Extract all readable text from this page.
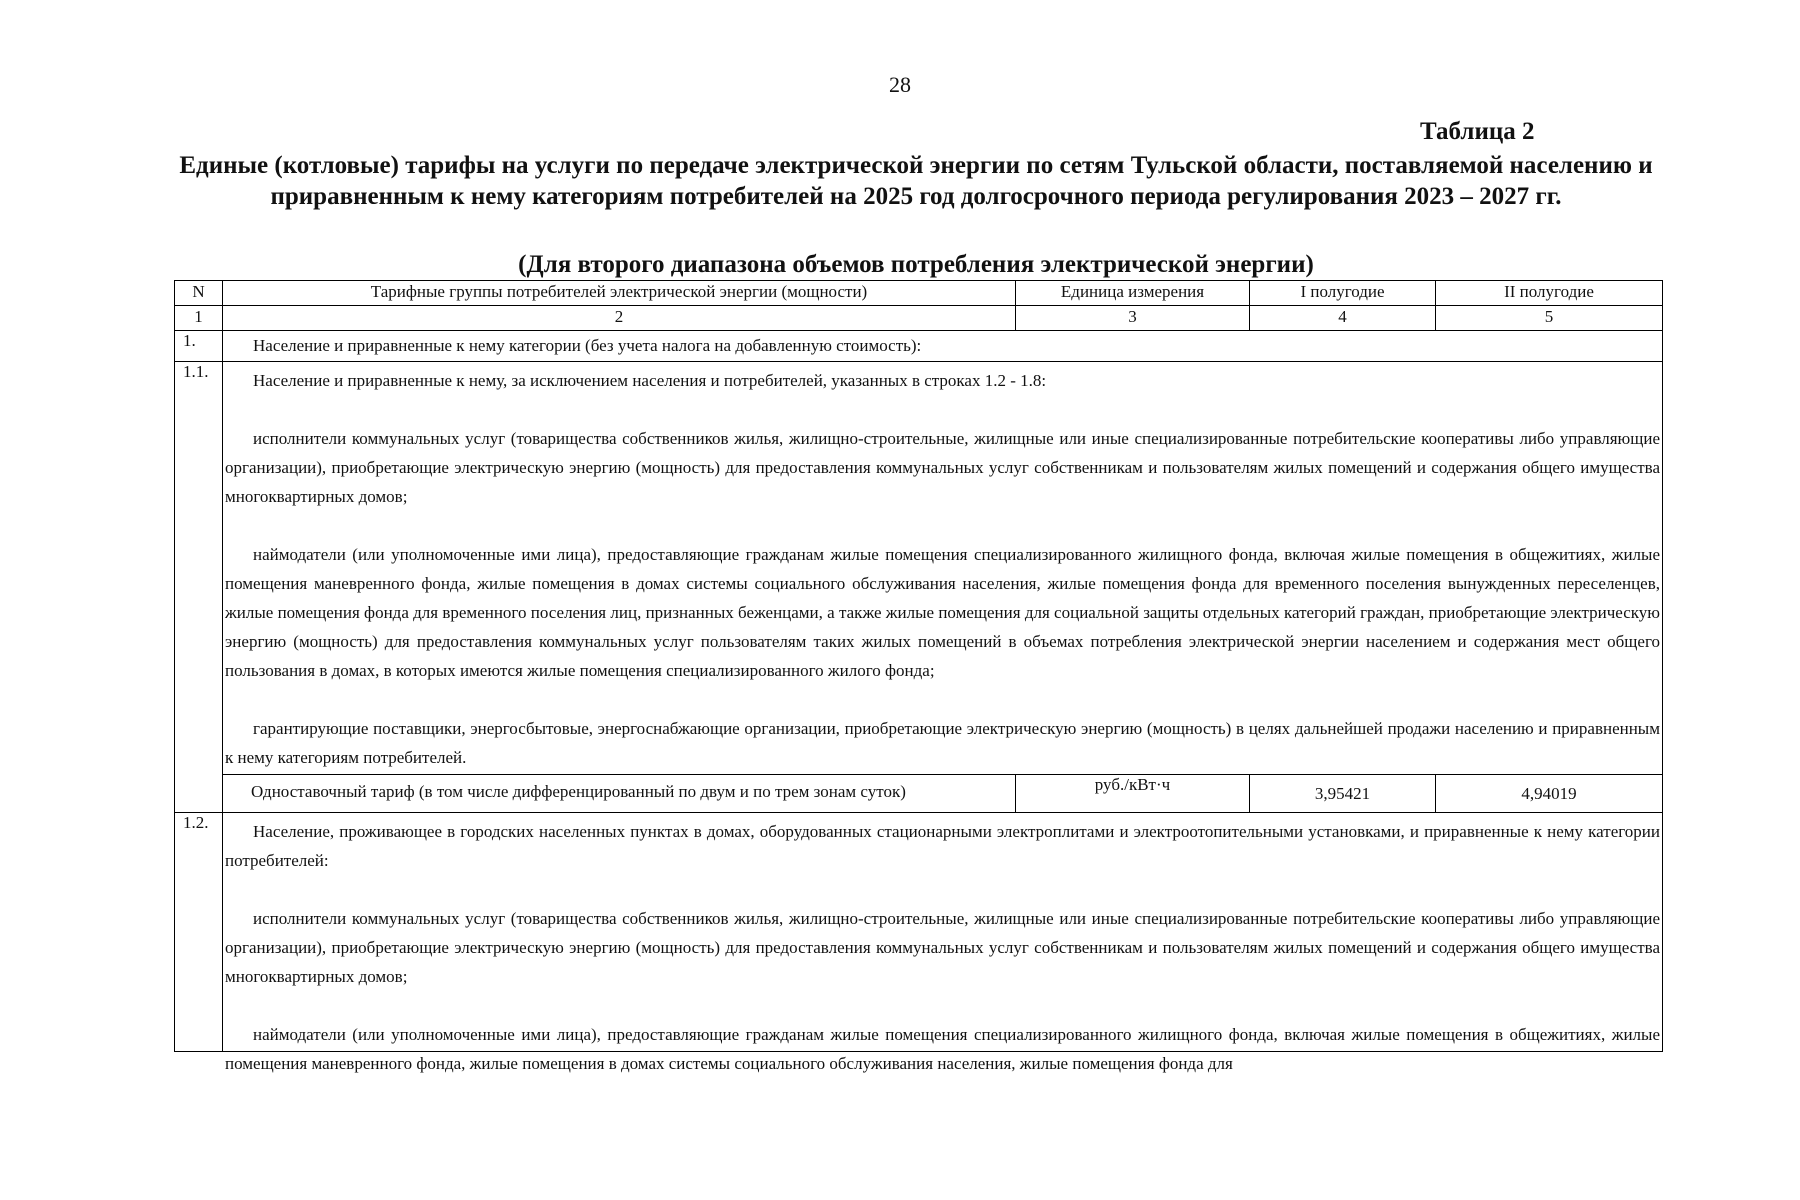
28
Таблица 2
Единые (котловые) тарифы на услуги по передаче электрической энергии по сетям Тульской области, поставляемой населению и приравненным к нему категориям потребителей на 2025 год долгосрочного периода регулирования 2023 – 2027 гг.
(Для второго диапазона объемов потребления электрической энергии)
N	Тарифные группы потребителей электрической энергии (мощности)	Единица измерения	I полугодие	II полугодие
1	2	3	4	5
1.	Население и приравненные к нему категории (без учета налога на добавленную стоимость):			
1.1.	Население и приравненные к нему, за исключением населения и потребителей, указанных в строках 1.2 - 1.8:

исполнители коммунальных услуг (товарищества собственников жилья, жилищно-строительные, жилищные или иные специализированные потребительские кооперативы либо управляющие организации), приобретающие электрическую энергию (мощность) для предоставления коммунальных услуг собственникам и пользователям жилых помещений и содержания общего имущества многоквартирных домов;

наймодатели (или уполномоченные ими лица), предоставляющие гражданам жилые помещения специализированного жилищного фонда, включая жилые помещения в общежитиях, жилые помещения маневренного фонда, жилые помещения в домах системы социального обслуживания населения, жилые помещения фонда для временного поселения вынужденных переселенцев, жилые помещения фонда для временного поселения лиц, признанных беженцами, а также жилые помещения для социальной защиты отдельных категорий граждан, приобретающие электрическую энергию (мощность) для предоставления коммунальных услуг пользователям таких жилых помещений в объемах потребления электрической энергии населением и содержания мест общего пользования в домах, в которых имеются жилые помещения специализированного жилого фонда;

гарантирующие поставщики, энергосбытовые, энергоснабжающие организации, приобретающие электрическую энергию (мощность) в целях дальнейшей продажи населению и приравненным к нему категориям потребителей.			

	Одноставочный тариф (в том числе дифференцированный по двум и по трем зонам суток)	руб./кВт·ч	3,95421	4,94019
1.2.	Население, проживающее в городских населенных пунктах в домах, оборудованных стационарными электроплитами и электроотопительными установками, и приравненные к нему категории потребителей:

исполнители коммунальных услуг (товарищества собственников жилья, жилищно-строительные, жилищные или иные специализированные потребительские кооперативы либо управляющие организации), приобретающие электрическую энергию (мощность) для предоставления коммунальных услуг собственникам и пользователям жилых помещений и содержания общего имущества многоквартирных домов;

наймодатели (или уполномоченные ими лица), предоставляющие гражданам жилые помещения специализированного жилищного фонда, включая жилые помещения в общежитиях, жилые помещения маневренного фонда, жилые помещения в домах системы социального обслуживания населения, жилые помещения фонда для			
